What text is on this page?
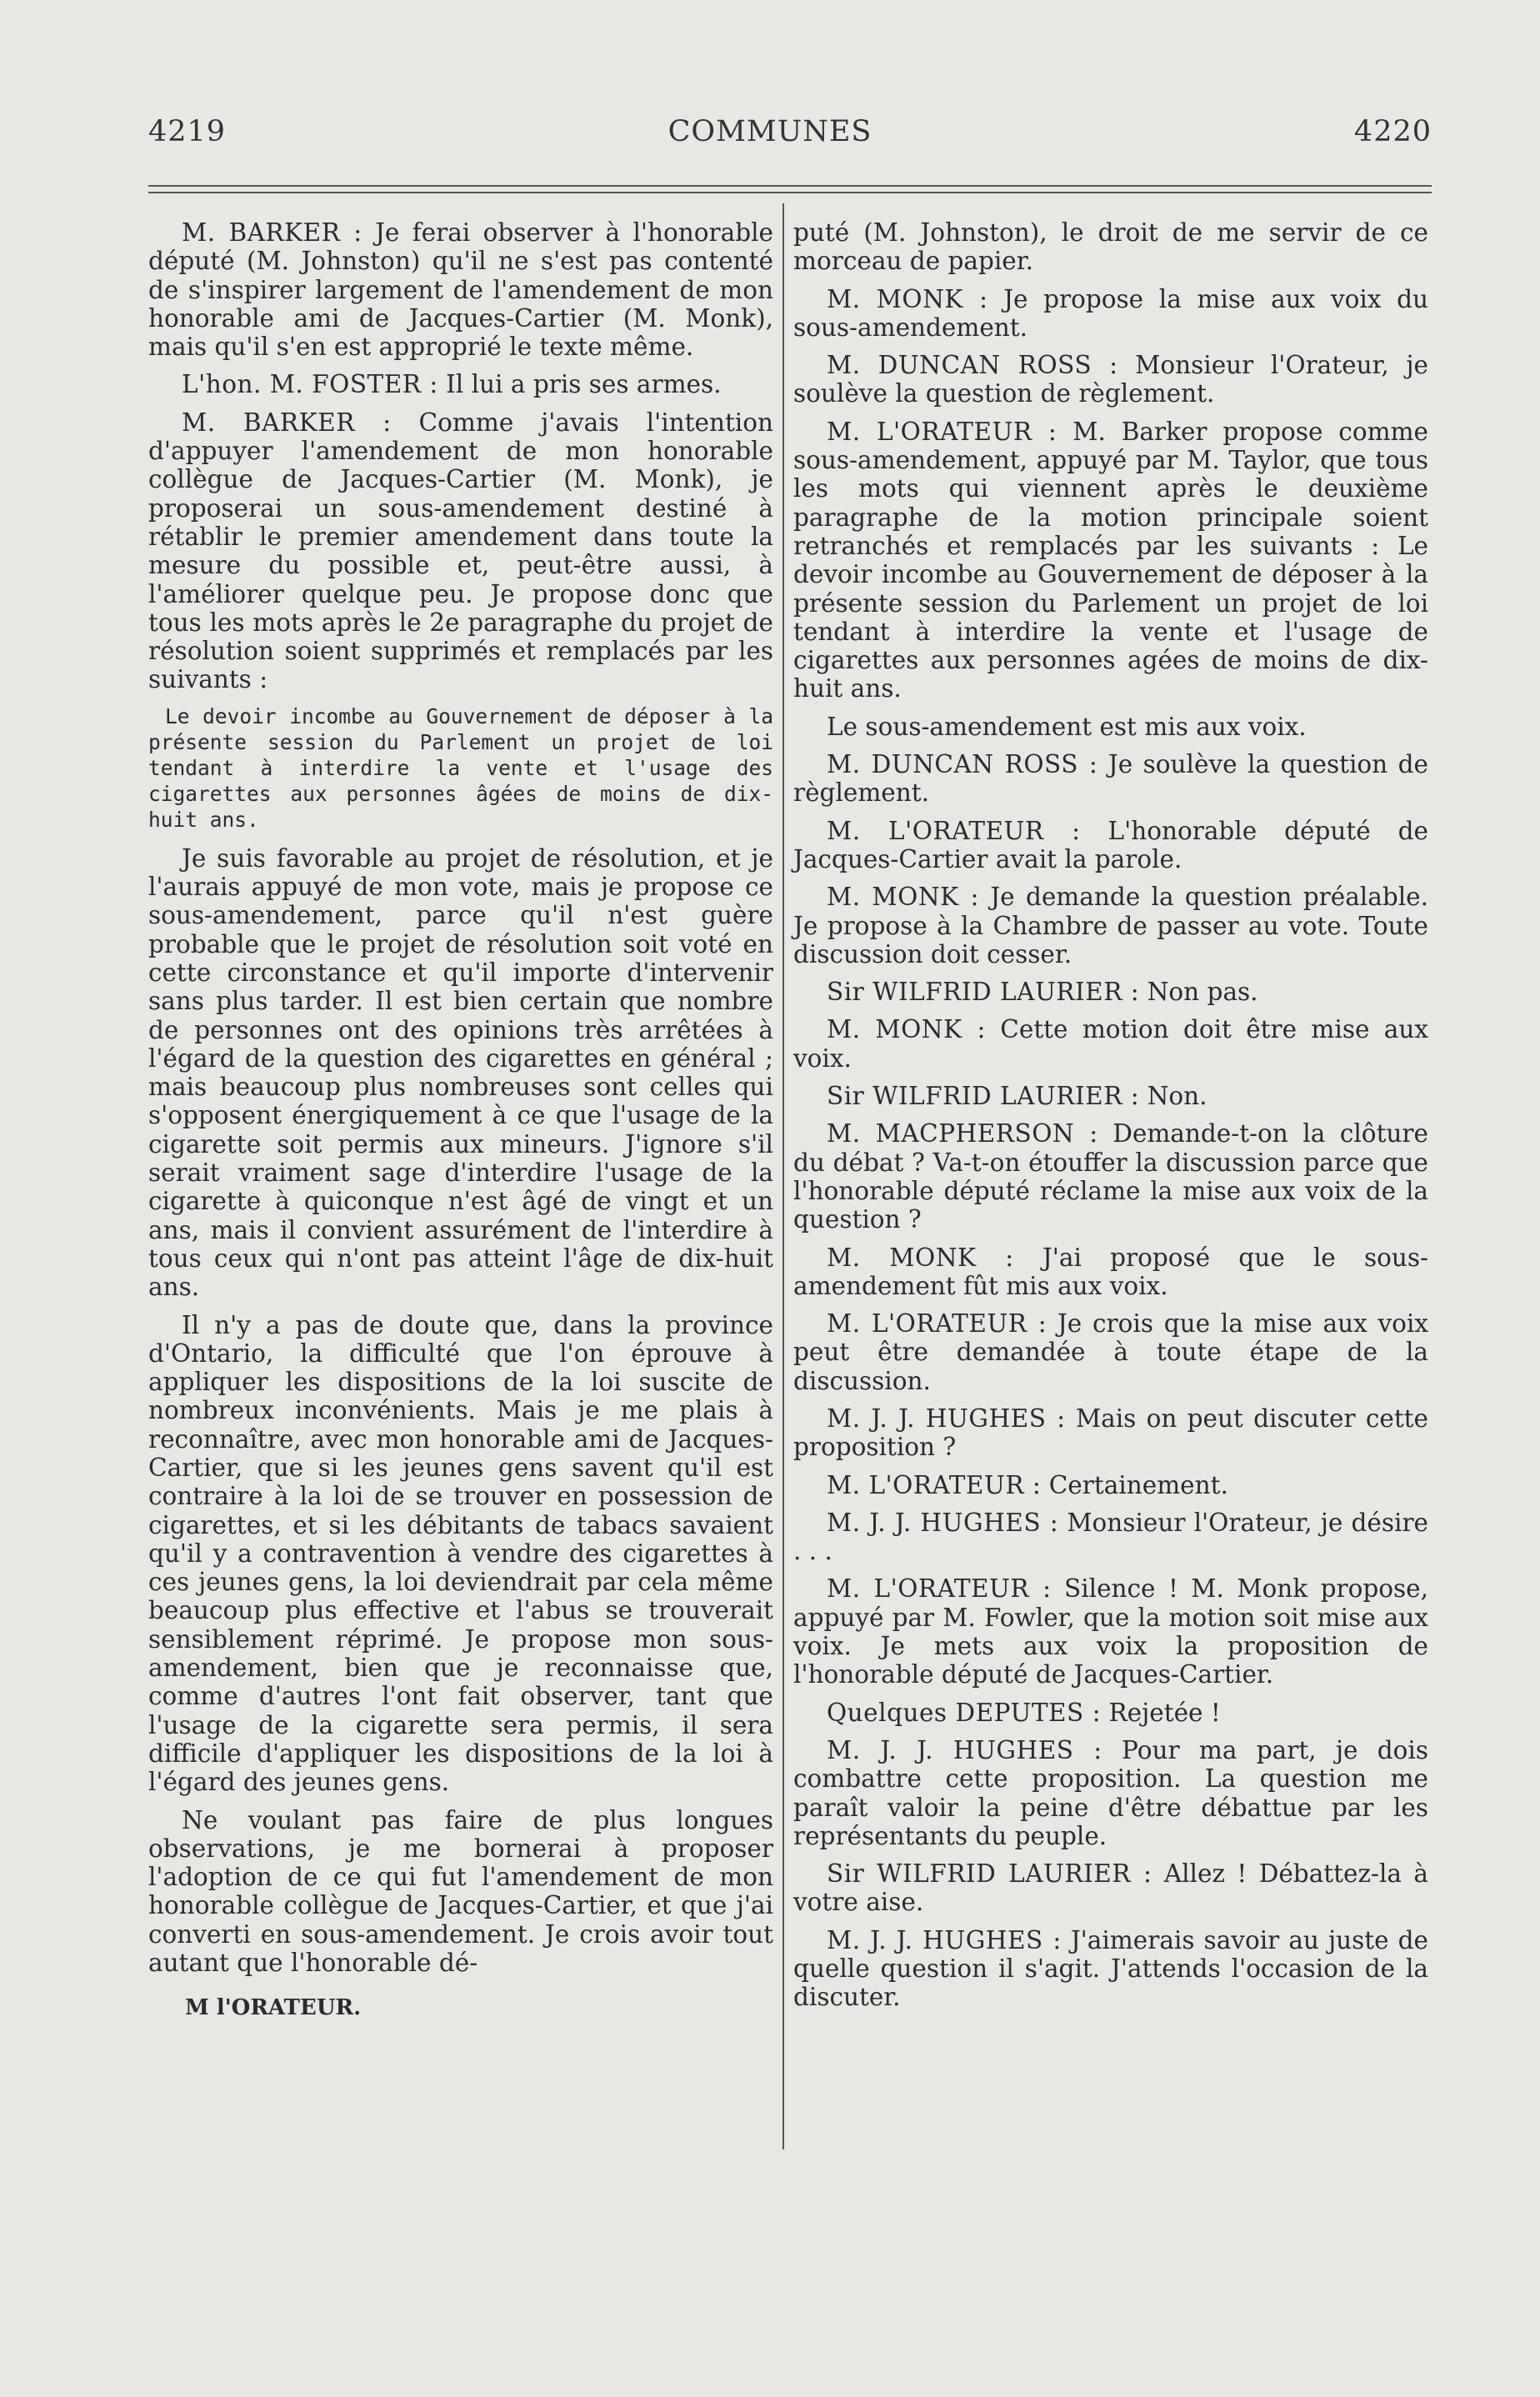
4219	COMMUNES	4220

M. BARKER : Je ferai observer à l'honorable député (M. Johnston) qu'il ne s'est pas contenté de s'inspirer largement de l'amendement de mon honorable ami de Jacques-Cartier (M. Monk), mais qu'il s'en est approprié le texte même.

L'hon. M. FOSTER : Il lui a pris ses armes.

M. BARKER : Comme j'avais l'intention d'appuyer l'amendement de mon honorable collègue de Jacques-Cartier (M. Monk), je proposerai un sous-amendement destiné à rétablir le premier amendement dans toute la mesure du possible et, peut-être aussi, à l'améliorer quelque peu. Je propose donc que tous les mots après le 2e paragraphe du projet de résolution soient supprimés et remplacés par les suivants :

Le devoir incombe au Gouvernement de déposer à la présente session du Parlement un projet de loi tendant à interdire la vente et l'usage des cigarettes aux personnes âgées de moins de dix-huit ans.

Je suis favorable au projet de résolution, et je l'aurais appuyé de mon vote, mais je propose ce sous-amendement, parce qu'il n'est guère probable que le projet de résolution soit voté en cette circonstance et qu'il importe d'intervenir sans plus tarder. Il est bien certain que nombre de personnes ont des opinions très arrêtées à l'égard de la question des cigarettes en général ; mais beaucoup plus nombreuses sont celles qui s'opposent énergiquement à ce que l'usage de la cigarette soit permis aux mineurs. J'ignore s'il serait vraiment sage d'interdire l'usage de la cigarette à quiconque n'est âgé de vingt et un ans, mais il convient assurément de l'interdire à tous ceux qui n'ont pas atteint l'âge de dix-huit ans.

Il n'y a pas de doute que, dans la province d'Ontario, la difficulté que l'on éprouve à appliquer les dispositions de la loi suscite de nombreux inconvénients. Mais je me plais à reconnaître, avec mon honorable ami de Jacques-Cartier, que si les jeunes gens savent qu'il est contraire à la loi de se trouver en possession de cigarettes, et si les débitants de tabacs savaient qu'il y a contravention à vendre des cigarettes à ces jeunes gens, la loi deviendrait par cela même beaucoup plus effective et l'abus se trouverait sensiblement réprimé. Je propose mon sous-amendement, bien que je reconnaisse que, comme d'autres l'ont fait observer, tant que l'usage de la cigarette sera permis, il sera difficile d'appliquer les dispositions de la loi à l'égard des jeunes gens.

Ne voulant pas faire de plus longues observations, je me bornerai à proposer l'adoption de ce qui fut l'amendement de mon honorable collègue de Jacques-Cartier, et que j'ai converti en sous-amendement. Je crois avoir tout autant que l'honorable dé-

M l'ORATEUR.

puté (M. Johnston), le droit de me servir de ce morceau de papier.

M. MONK : Je propose la mise aux voix du sous-amendement.

M. DUNCAN ROSS : Monsieur l'Orateur, je soulève la question de règlement.

M. L'ORATEUR : M. Barker propose comme sous-amendement, appuyé par M. Taylor, que tous les mots qui viennent après le deuxième paragraphe de la motion principale soient retranchés et remplacés par les suivants : Le devoir incombe au Gouvernement de déposer à la présente session du Parlement un projet de loi tendant à interdire la vente et l'usage de cigarettes aux personnes agées de moins de dix-huit ans.

Le sous-amendement est mis aux voix.

M. DUNCAN ROSS : Je soulève la question de règlement.

M. L'ORATEUR : L'honorable député de Jacques-Cartier avait la parole.

M. MONK : Je demande la question préalable. Je propose à la Chambre de passer au vote. Toute discussion doit cesser.

Sir WILFRID LAURIER : Non pas.

M. MONK : Cette motion doit être mise aux voix.

Sir WILFRID LAURIER : Non.

M. MACPHERSON : Demande-t-on la clôture du débat ? Va-t-on étouffer la discussion parce que l'honorable député réclame la mise aux voix de la question ?

M. MONK : J'ai proposé que le sous-amendement fût mis aux voix.

M. L'ORATEUR : Je crois que la mise aux voix peut être demandée à toute étape de la discussion.

M. J. J. HUGHES : Mais on peut discuter cette proposition ?

M. L'ORATEUR : Certainement.

M. J. J. HUGHES : Monsieur l'Orateur, je désire . . .

M. L'ORATEUR : Silence ! M. Monk propose, appuyé par M. Fowler, que la motion soit mise aux voix. Je mets aux voix la proposition de l'honorable député de Jacques-Cartier.

Quelques DEPUTES : Rejetée !

M. J. J. HUGHES : Pour ma part, je dois combattre cette proposition. La question me paraît valoir la peine d'être débattue par les représentants du peuple.

Sir WILFRID LAURIER : Allez ! Débattez-la à votre aise.

M. J. J. HUGHES : J'aimerais savoir au juste de quelle question il s'agit. J'attends l'occasion de la discuter.
